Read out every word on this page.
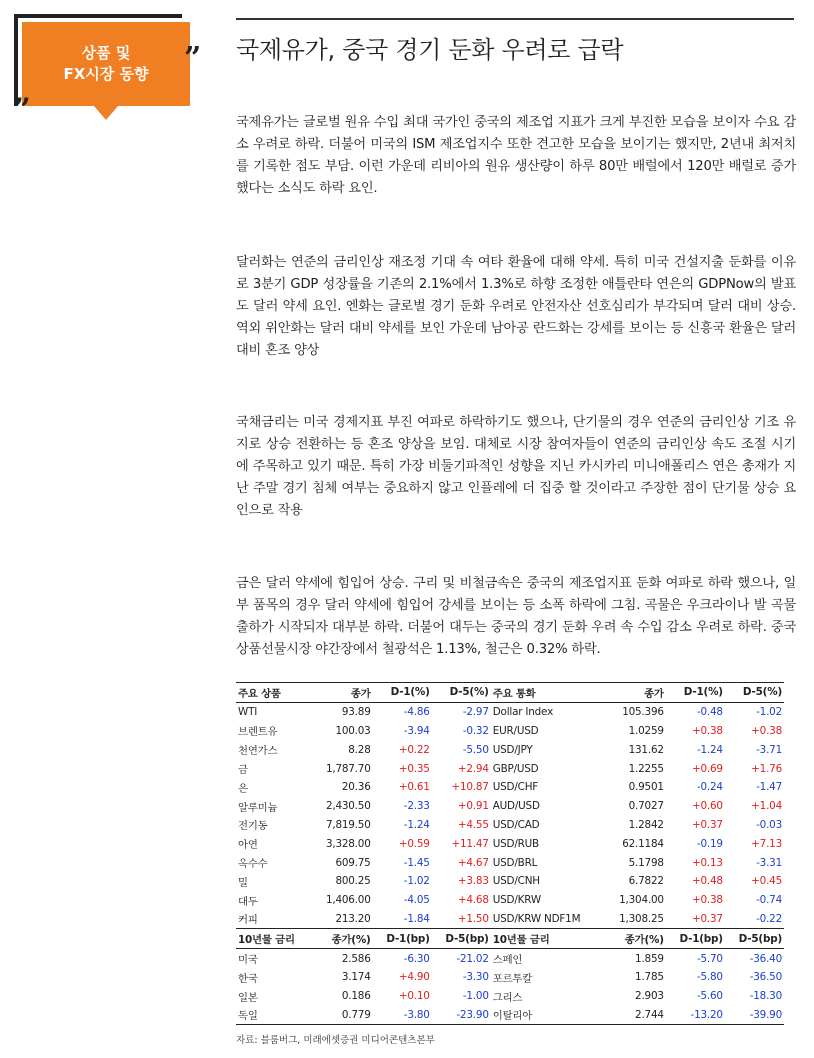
상품 및
FX시장 동향
„
” 국제유가, 중국 경기 둔화 우려로 급락

국제유가는 글로벌 원유 수입 최대 국가인 중국의 제조업 지표가 크게 부진한 모습을 보이자 수요 감소 우려로 하락. 더불어 미국의 ISM 제조업지수 또한 견고한 모습을 보이기는 했지만, 2년내 최저치를 기록한 점도 부담. 이런 가운데 리비아의 원유 생산량이 하루 80만 배럴에서 120만 배럴로 증가했다는 소식도 하락 요인.

달러화는 연준의 금리인상 재조정 기대 속 여타 환율에 대해 약세. 특히 미국 건설지출 둔화를 이유로 3분기 GDP 성장률을 기존의 2.1%에서 1.3%로 하향 조정한 애틀란타 연은의 GDPNow의 발표도 달러 약세 요인. 엔화는 글로벌 경기 둔화 우려로 안전자산 선호심리가 부각되며 달러 대비 상승. 역외 위안화는 달러 대비 약세를 보인 가운데 남아공 란드화는 강세를 보이는 등 신흥국 환율은 달러 대비 혼조 양상

국채금리는 미국 경제지표 부진 여파로 하락하기도 했으나, 단기물의 경우 연준의 금리인상 기조 유지로 상승 전환하는 등 혼조 양상을 보임. 대체로 시장 참여자들이 연준의 금리인상 속도 조절 시기에 주목하고 있기 때문. 특히 가장 비둘기파적인 성향을 지닌 카시카리 미니애폴리스 연은 총재가 지난 주말 경기 침체 여부는 중요하지 않고 인플레에 더 집중 할 것이라고 주장한 점이 단기물 상승 요인으로 작용

금은 달러 약세에 힘입어 상승. 구리 및 비철금속은 중국의 제조업지표 둔화 여파로 하락 했으나, 일부 품목의 경우 달러 약세에 힘입어 강세를 보이는 등 소폭 하락에 그침. 곡물은 우크라이나 발 곡물 출하가 시작되자 대부분 하락. 더불어 대두는 중국의 경기 둔화 우려 속 수입 감소 우려로 하락. 중국 상품선물시장 야간장에서 철광석은 1.13%, 철근은 0.32% 하락.

주요 상품	종가	D-1(%)	D-5(%)	주요 통화	종가	D-1(%)	D-5(%)
WTI	93.89	-4.86	-2.97	Dollar Index	105.396	-0.48	-1.02
브렌트유	100.03	-3.94	-0.32	EUR/USD	1.0259	+0.38	+0.38
천연가스	8.28	+0.22	-5.50	USD/JPY	131.62	-1.24	-3.71
금	1,787.70	+0.35	+2.94	GBP/USD	1.2255	+0.69	+1.76
은	20.36	+0.61	+10.87	USD/CHF	0.9501	-0.24	-1.47
알루미늄	2,430.50	-2.33	+0.91	AUD/USD	0.7027	+0.60	+1.04
전기동	7,819.50	-1.24	+4.55	USD/CAD	1.2842	+0.37	-0.03
아연	3,328.00	+0.59	+11.47	USD/RUB	62.1184	-0.19	+7.13
옥수수	609.75	-1.45	+4.67	USD/BRL	5.1798	+0.13	-3.31
밀	800.25	-1.02	+3.83	USD/CNH	6.7822	+0.48	+0.45
대두	1,406.00	-4.05	+4.68	USD/KRW	1,304.00	+0.38	-0.74
커피	213.20	-1.84	+1.50	USD/KRW NDF1M	1,308.25	+0.37	-0.22
10년물 금리	종가(%)	D-1(bp)	D-5(bp)	10년물 금리	종가(%)	D-1(bp)	D-5(bp)
미국	2.586	-6.30	-21.02	스페인	1.859	-5.70	-36.40
한국	3.174	+4.90	-3.30	포르투칼	1.785	-5.80	-36.50
일본	0.186	+0.10	-1.00	그리스	2.903	-5.60	-18.30
독일	0.779	-3.80	-23.90	이탈리아	2.744	-13.20	-39.90

자료: 블룸버그, 미래에셋증권 미디어콘텐츠본부
